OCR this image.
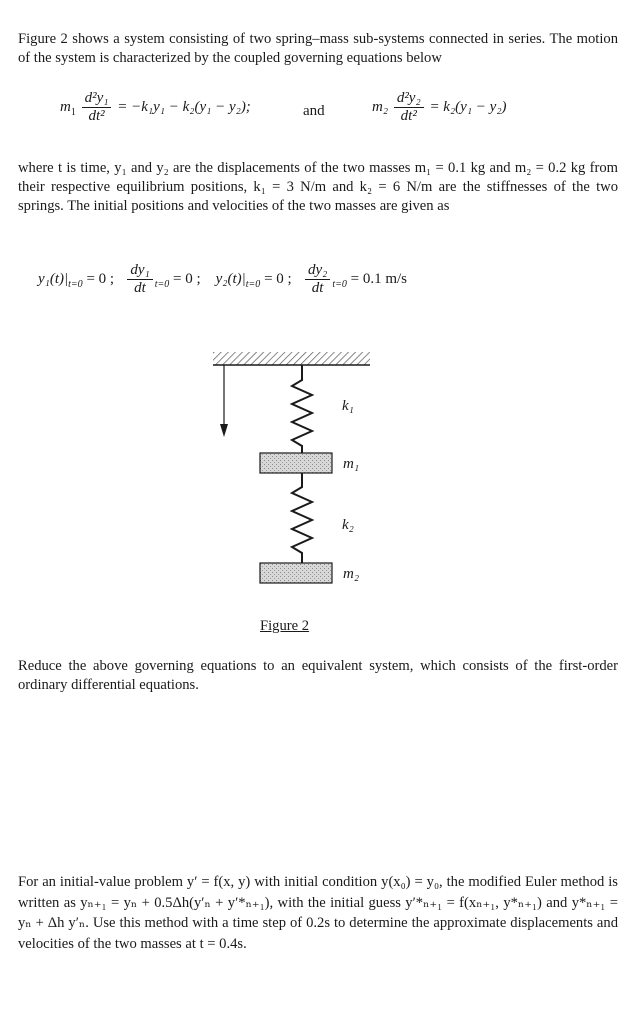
Figure 2 shows a system consisting of two spring–mass sub-systems connected in series. The motion of the system is characterized by the coupled governing equations below

$m_1 \frac{\text{d²y₁}}{\text{dt²}} = -k_1y_1 - k_2(y_1 - y_2)$;	and	$m_2 \frac{\text{d²y₂}}{\text{dt²}} = k_2(y_1 - y_2)$

where t is time, y₁ and y₂ are the displacements of the two masses m₁ = 0.1 kg and m₂ = 0.2 kg from their respective equilibrium positions, k₁ = 3 N/m and k₂ = 6 N/m are the stiffnesses of the two springs. The initial positions and velocities of the two masses are given as

$y_1(t)|_{t=0} = 0$ ; $\frac{\text{dy₁}}{dt} _{t=0} = 0$ ; $y_2(t)|_{t=0} = 0$ ; $\frac{\text{dy₂}}{dt} _{t=0} = 0.1$ m/s
k₁
m₁
k₂
m₂
Figure 2

Reduce the above governing equations to an equivalent system, which consists of the first-order ordinary differential equations.

For an initial-value problem y′ = f(x, y) with initial condition y(x₀) = y₀, the modified Euler method is written as yₙ₊₁ = yₙ + 0.5Δh(y′ₙ + y′*ₙ₊₁), with the initial guess y′*ₙ₊₁ = f(xₙ₊₁, y*ₙ₊₁) and y*ₙ₊₁ = yₙ + Δh y′ₙ. Use this method with a time step of 0.2s to determine the approximate displacements and velocities of the two masses at t = 0.4s.
